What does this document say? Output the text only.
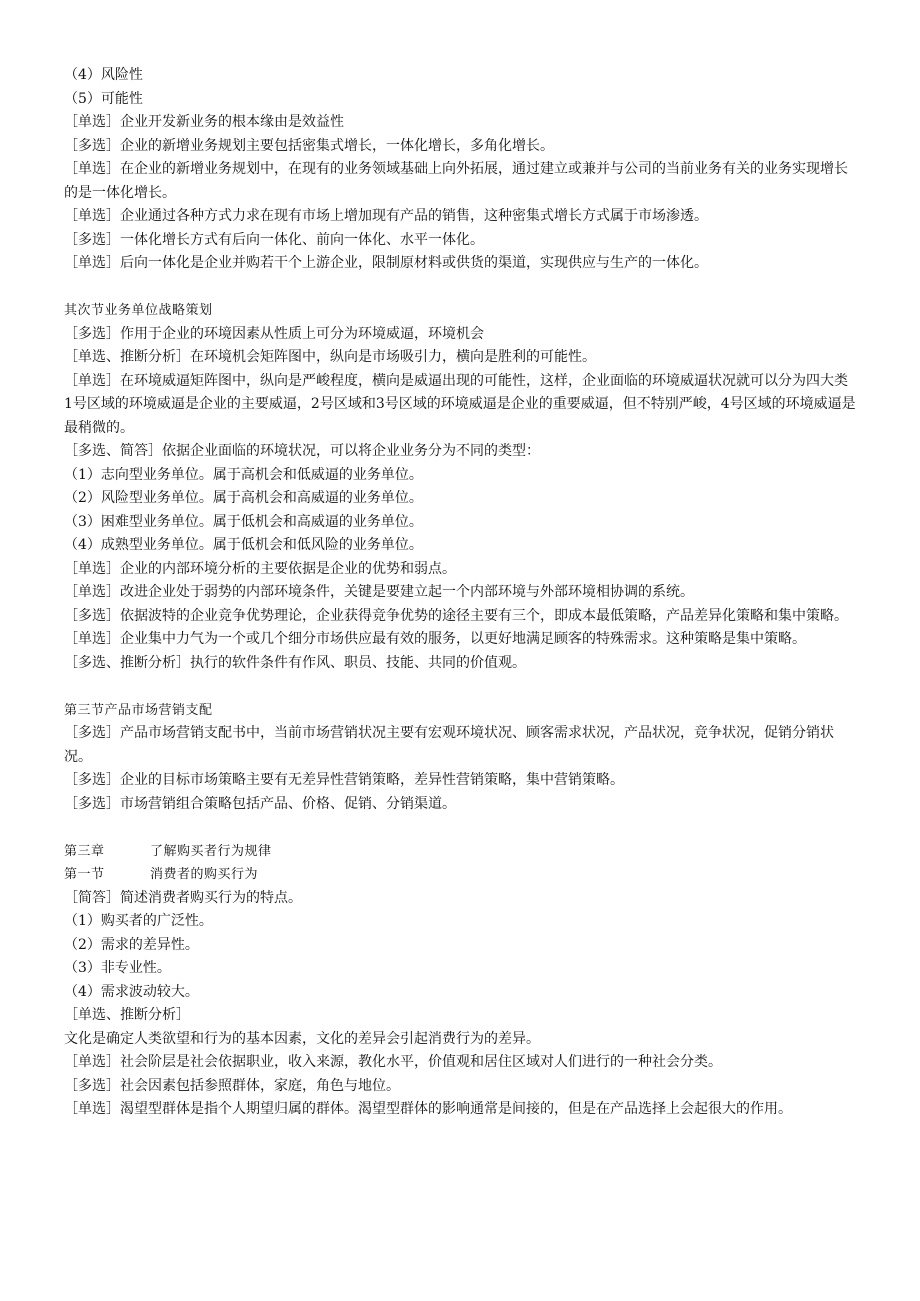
（4）风险性
（5）可能性
［单选］企业开发新业务的根本缘由是效益性
［多选］企业的新增业务规划主要包括密集式增长，一体化增长，多角化增长。
［单选］在企业的新增业务规划中，在现有的业务领域基础上向外拓展，通过建立或兼并与公司的当前业务有关的业务实现增长的是一体化增长。
［单选］企业通过各种方式力求在现有市场上增加现有产品的销售，这种密集式增长方式属于市场渗透。
［多选］一体化增长方式有后向一体化、前向一体化、水平一体化。
［单选］后向一体化是企业并购若干个上游企业，限制原材料或供货的渠道，实现供应与生产的一体化。
其次节业务单位战略策划
［多选］作用于企业的环境因素从性质上可分为环境威逼，环境机会
［单选、推断分析］在环境机会矩阵图中，纵向是市场吸引力，横向是胜利的可能性。
［单选］在环境威逼矩阵图中，纵向是严峻程度，横向是威逼出现的可能性，这样，企业面临的环境威逼状况就可以分为四大类 1号区域的环境威逼是企业的主要威逼，2号区域和3号区域的环境威逼是企业的重要威逼，但不特别严峻，4号区域的环境威逼是最稍微的。
［多选、简答］依据企业面临的环境状况，可以将企业业务分为不同的类型：
（1）志向型业务单位。属于高机会和低威逼的业务单位。
（2）风险型业务单位。属于高机会和高威逼的业务单位。
（3）困难型业务单位。属于低机会和高威逼的业务单位。
（4）成熟型业务单位。属于低机会和低风险的业务单位。
［单选］企业的内部环境分析的主要依据是企业的优势和弱点。
［单选］改进企业处于弱势的内部环境条件，关键是要建立起一个内部环境与外部环境相协调的系统。
［多选］依据波特的企业竞争优势理论，企业获得竞争优势的途径主要有三个，即成本最低策略，产品差异化策略和集中策略。
［单选］企业集中力气为一个或几个细分市场供应最有效的服务，以更好地满足顾客的特殊需求。这种策略是集中策略。
［多选、推断分析］执行的软件条件有作风、职员、技能、共同的价值观。
第三节产品市场营销支配
［多选］产品市场营销支配书中，当前市场营销状况主要有宏观环境状况、顾客需求状况，产品状况，竞争状况，促销分销状况。
［多选］企业的目标市场策略主要有无差异性营销策略，差异性营销策略，集中营销策略。
［多选］市场营销组合策略包括产品、价格、促销、分销渠道。
第三章	了解购买者行为规律
第一节	消费者的购买行为
［简答］简述消费者购买行为的特点。
（1）购买者的广泛性。
（2）需求的差异性。
（3）非专业性。
（4）需求波动较大。
［单选、推断分析］
文化是确定人类欲望和行为的基本因素，文化的差异会引起消费行为的差异。
［单选］社会阶层是社会依据职业，收入来源，教化水平，价值观和居住区域对人们进行的一种社会分类。
［多选］社会因素包括参照群体，家庭，角色与地位。
［单选］渴望型群体是指个人期望归属的群体。渴望型群体的影响通常是间接的，但是在产品选择上会起很大的作用。
